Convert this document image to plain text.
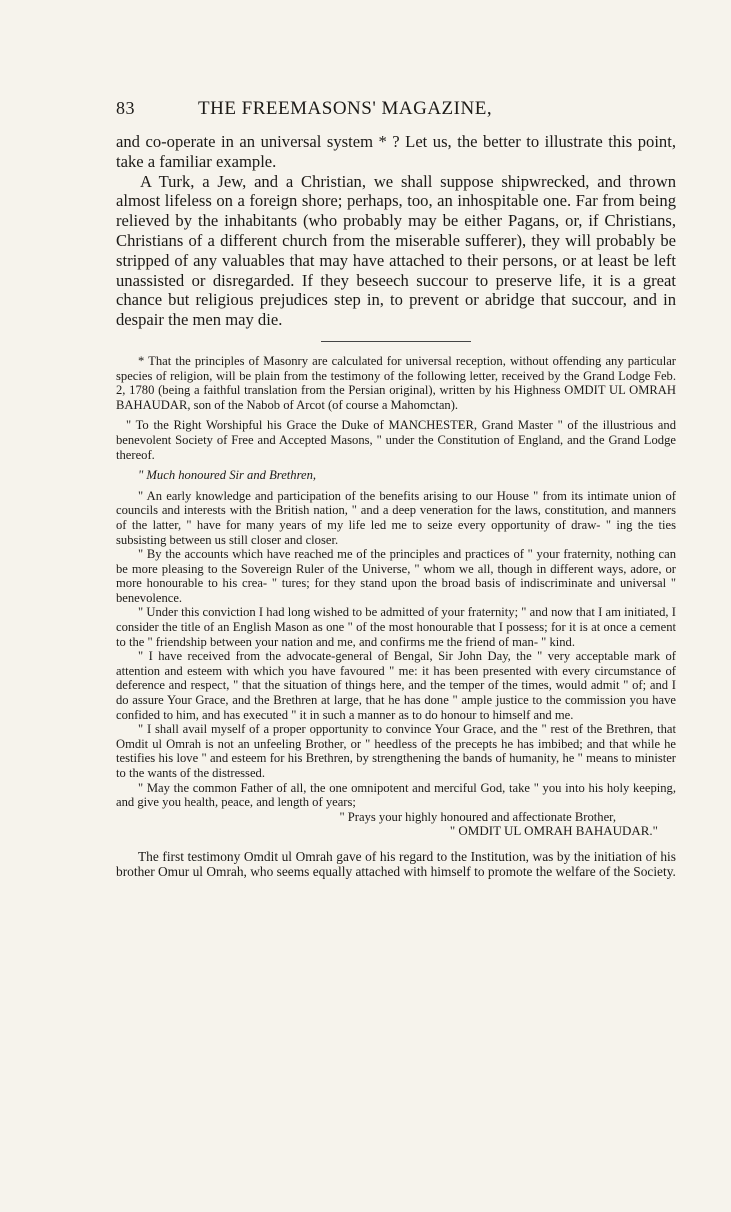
83	THE FREEMASONS' MAGAZINE,

and co-operate in an universal system * ? Let us, the better to illustrate this point, take a familiar example.

A Turk, a Jew, and a Christian, we shall suppose shipwrecked, and thrown almost lifeless on a foreign shore; perhaps, too, an inhospitable one. Far from being relieved by the inhabitants (who probably may be either Pagans, or, if Christians, Christians of a different church from the miserable sufferer), they will probably be stripped of any valuables that may have attached to their persons, or at least be left unassisted or disregarded. If they beseech succour to preserve life, it is a great chance but religious prejudices step in, to prevent or abridge that succour, and in despair the men may die.

* That the principles of Masonry are calculated for universal reception, without offending any particular species of religion, will be plain from the testimony of the following letter, received by the Grand Lodge Feb. 2, 1780 (being a faithful translation from the Persian original), written by his Highness OMDIT UL OMRAH BAHAUDAR, son of the Nabob of Arcot (of course a Mahomctan).

" To the Right Worshipful his Grace the Duke of MANCHESTER, Grand Master " of the illustrious and benevolent Society of Free and Accepted Masons, " under the Constitution of England, and the Grand Lodge thereof.

" Much honoured Sir and Brethren,

" An early knowledge and participation of the benefits arising to our House " from its intimate union of councils and interests with the British nation, " and a deep veneration for the laws, constitution, and manners of the latter, " have for many years of my life led me to seize every opportunity of draw- " ing the ties subsisting between us still closer and closer.

" By the accounts which have reached me of the principles and practices of " your fraternity, nothing can be more pleasing to the Sovereign Ruler of the Universe, " whom we all, though in different ways, adore, or more honourable to his crea- " tures; for they stand upon the broad basis of indiscriminate and universal " benevolence.

" Under this conviction I had long wished to be admitted of your fraternity; " and now that I am initiated, I consider the title of an English Mason as one " of the most honourable that I possess; for it is at once a cement to the " friendship between your nation and me, and confirms me the friend of man- " kind.

" I have received from the advocate-general of Bengal, Sir John Day, the " very acceptable mark of attention and esteem with which you have favoured " me: it has been presented with every circumstance of deference and respect, " that the situation of things here, and the temper of the times, would admit " of; and I do assure Your Grace, and the Brethren at large, that he has done " ample justice to the commission you have confided to him, and has executed " it in such a manner as to do honour to himself and me.

" I shall avail myself of a proper opportunity to convince Your Grace, and the " rest of the Brethren, that Omdit ul Omrah is not an unfeeling Brother, or " heedless of the precepts he has imbibed; and that while he testifies his love " and esteem for his Brethren, by strengthening the bands of humanity, he " means to minister to the wants of the distressed.

" May the common Father of all, the one omnipotent and merciful God, take " you into his holy keeping, and give you health, peace, and length of years;

" Prays your highly honoured and affectionate Brother,

" OMDIT UL OMRAH BAHAUDAR."

The first testimony Omdit ul Omrah gave of his regard to the Institution, was by the initiation of his brother Omur ul Omrah, who seems equally attached with himself to promote the welfare of the Society.
